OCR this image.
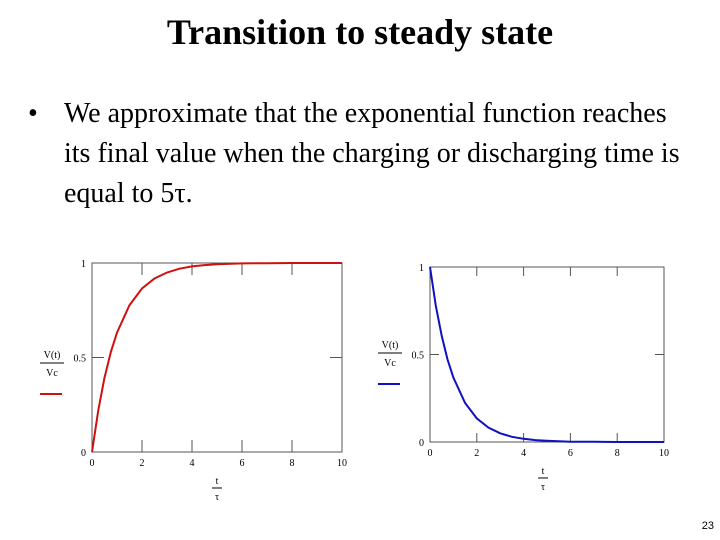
Transition to steady state
• We approximate that the exponential function reaches its final value when the charging or discharging time is equal to 5τ.
0	2	4	6	8	10
0
0.5
1
V(t)
Vc
t
τ
0	2	4	6	8	10
0
0.5
1
V(t)
Vc
t
τ
23
